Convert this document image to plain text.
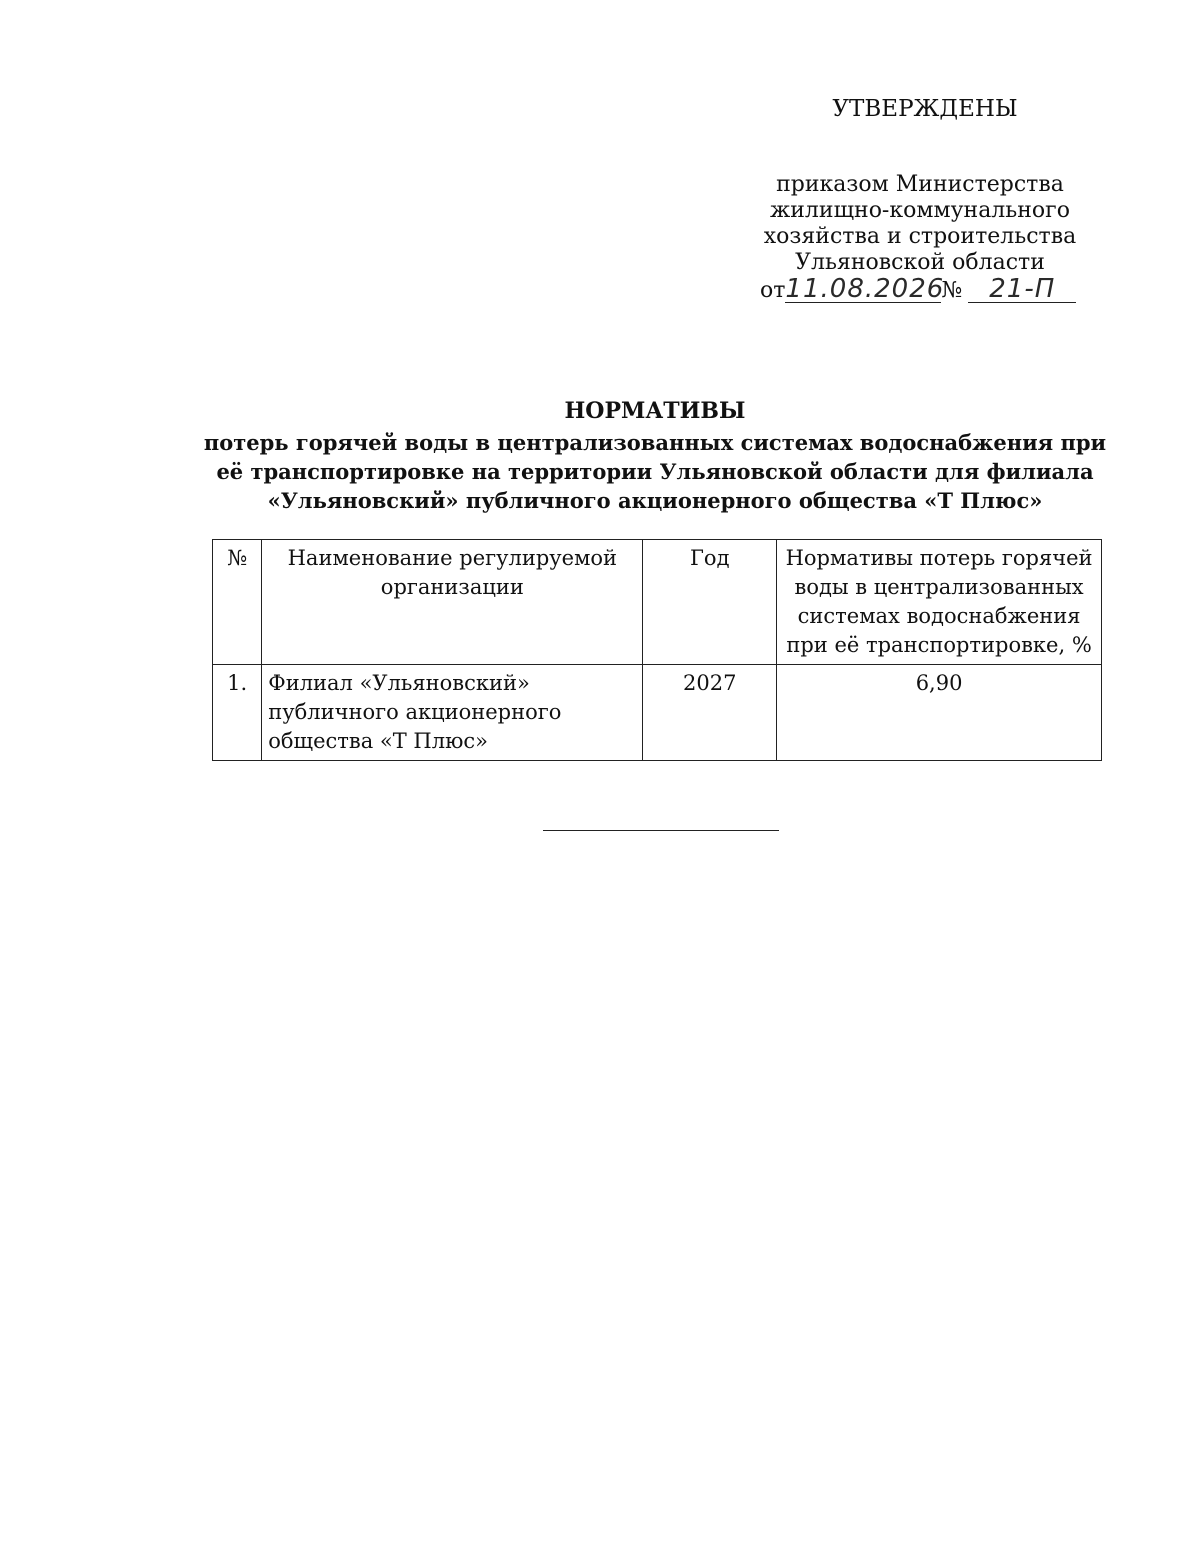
УТВЕРЖДЕНЫ
приказом Министерства
жилищно-коммунального
хозяйства и строительства
Ульяновской области
от11.08.2026№ 21-П
НОРМАТИВЫ
потерь горячей воды в централизованных системах водоснабжения при
её транспортировке на территории Ульяновской области для филиала
«Ульяновский» публичного акционерного общества «Т Плюс»
№	Наименование регулируемой организации	Год	Нормативы потерь горячей воды в централизованных системах водоснабжения при её транспортировке, %
1.	Филиал «Ульяновский» публичного акционерного общества «Т Плюс»	2027	6,90
